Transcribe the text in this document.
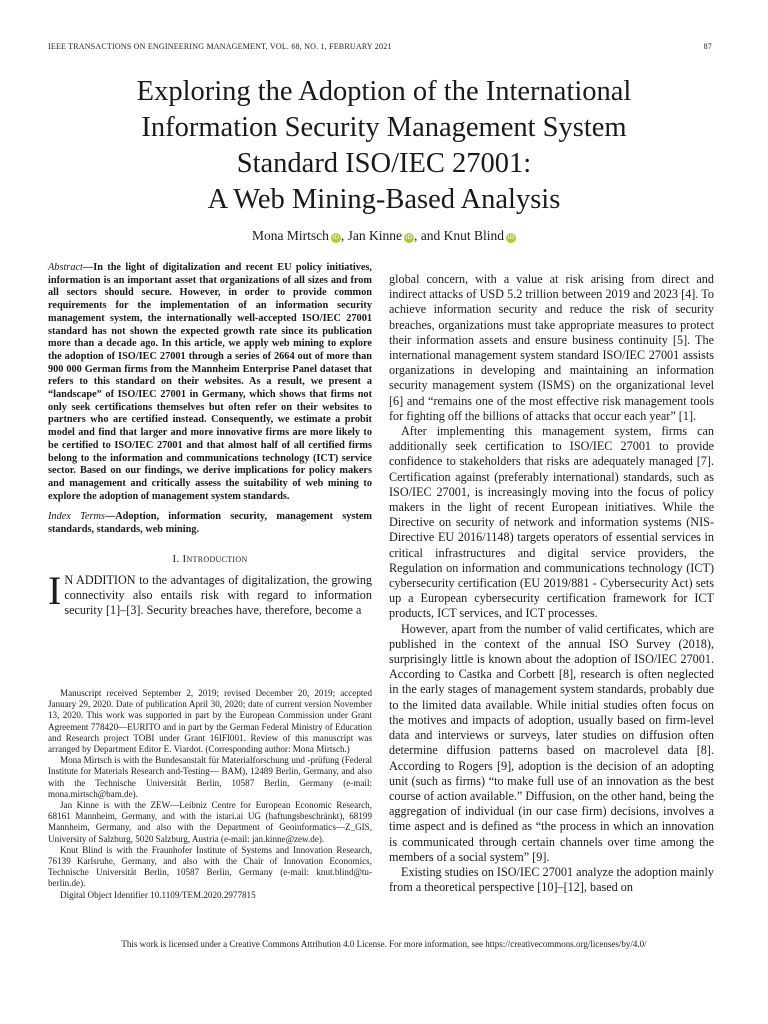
IEEE TRANSACTIONS ON ENGINEERING MANAGEMENT, VOL. 68, NO. 1, FEBRUARY 2021	87
Exploring the Adoption of the International
Information Security Management System
Standard ISO/IEC 27001:
A Web Mining-Based Analysis
Mona Mirtsch iD , Jan Kinne iD , and Knut Blind iD
Abstract—In the light of digitalization and recent EU policy initiatives, information is an important asset that organizations of all sizes and from all sectors should secure. However, in order to provide common requirements for the implementation of an information security management system, the internationally well-accepted ISO/IEC 27001 standard has not shown the expected growth rate since its publication more than a decade ago. In this article, we apply web mining to explore the adoption of ISO/IEC 27001 through a series of 2664 out of more than 900 000 German firms from the Mannheim Enterprise Panel dataset that refers to this standard on their websites. As a result, we present a “landscape” of ISO/IEC 27001 in Germany, which shows that firms not only seek certifications themselves but often refer on their websites to partners who are certified instead. Consequently, we estimate a probit model and find that larger and more innovative firms are more likely to be certified to ISO/IEC 27001 and that almost half of all certified firms belong to the information and communications technology (ICT) service sector. Based on our findings, we derive implications for policy makers and management and critically assess the suitability of web mining to explore the adoption of management system standards.
Index Terms—Adoption, information security, management system standards, standards, web mining.
I. Introduction
I N ADDITION to the advantages of digitalization, the growing connectivity also entails risk with regard to information security [1]–[3]. Security breaches have, therefore, become a

Manuscript received September 2, 2019; revised December 20, 2019; accepted January 29, 2020. Date of publication April 30, 2020; date of current version November 13, 2020. This work was supported in part by the European Commission under Grant Agreement 778420—EURITO and in part by the German Federal Ministry of Education and Research project TOBI under Grant 16IFI001. Review of this manuscript was arranged by Department Editor E. Viardot. (Corresponding author: Mona Mirtsch.)

Mona Mirtsch is with the Bundesanstalt für Materialforschung und -prüfung (Federal Institute for Materials Research and-Testing— BAM), 12489 Berlin, Germany, and also with the Technische Universität Berlin, 10587 Berlin, Germany (e-mail: mona.mirtsch@bam.de).

Jan Kinne is with the ZEW—Leibniz Centre for European Economic Research, 68161 Mannheim, Germany, and with the istari.ai UG (haftungsbeschränkt), 68199 Mannheim, Germany, and also with the Department of Geoinformatics—Z_GIS, University of Salzburg, 5020 Salzburg, Austria (e-mail: jan.kinne@zew.de).

Knut Blind is with the Fraunhofer Institute of Systems and Innovation Research, 76139 Karlsruhe, Germany, and also with the Chair of Innovation Economics, Technische Universität Berlin, 10587 Berlin, Germany (e-mail: knut.blind@tu-berlin.de).

Digital Object Identifier 10.1109/TEM.2020.2977815

global concern, with a value at risk arising from direct and indirect attacks of USD 5.2 trillion between 2019 and 2023 [4]. To achieve information security and reduce the risk of security breaches, organizations must take appropriate measures to protect their information assets and ensure business continuity [5]. The international management system standard ISO/IEC 27001 assists organizations in developing and maintaining an information security management system (ISMS) on the organizational level [6] and “remains one of the most effective risk management tools for fighting off the billions of attacks that occur each year” [1].

After implementing this management system, firms can additionally seek certification to ISO/IEC 27001 to provide confidence to stakeholders that risks are adequately managed [7]. Certification against (preferably international) standards, such as ISO/IEC 27001, is increasingly moving into the focus of policy makers in the light of recent European initiatives. While the Directive on security of network and information systems (NIS-Directive EU 2016/1148) targets operators of essential services in critical infrastructures and digital service providers, the Regulation on information and communications technology (ICT) cybersecurity certification (EU 2019/881 - Cybersecurity Act) sets up a European cybersecurity certification framework for ICT products, ICT services, and ICT processes.

However, apart from the number of valid certificates, which are published in the context of the annual ISO Survey (2018), surprisingly little is known about the adoption of ISO/IEC 27001. According to Castka and Corbett [8], research is often neglected in the early stages of management system standards, probably due to the limited data available. While initial studies often focus on the motives and impacts of adoption, usually based on firm-level data and interviews or surveys, later studies on diffusion often determine diffusion patterns based on macrolevel data [8]. According to Rogers [9], adoption is the decision of an adopting unit (such as firms) “to make full use of an innovation as the best course of action available.” Diffusion, on the other hand, being the aggregation of individual (in our case firm) decisions, involves a time aspect and is defined as “the process in which an innovation is communicated through certain channels over time among the members of a social system” [9].

Existing studies on ISO/IEC 27001 analyze the adoption mainly from a theoretical perspective [10]–[12], based on

This work is licensed under a Creative Commons Attribution 4.0 License. For more information, see https://creativecommons.org/licenses/by/4.0/
